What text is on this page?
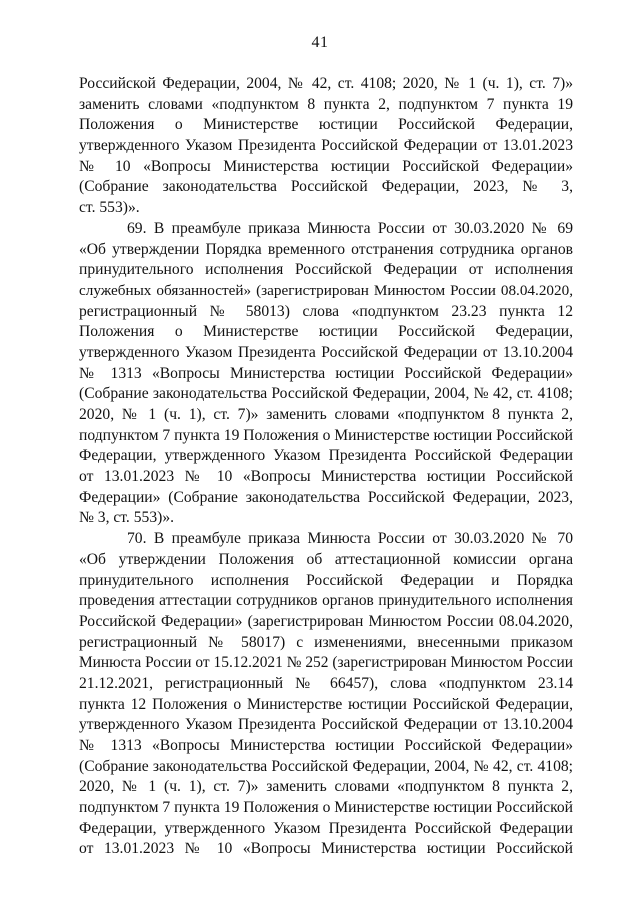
41
Российской Федерации, 2004, № 42, ст. 4108; 2020, № 1 (ч. 1), ст. 7)»
заменить словами «подпунктом 8 пункта 2, подпунктом 7 пункта 19
Положения о Министерстве юстиции Российской Федерации,
утвержденного Указом Президента Российской Федерации от 13.01.2023
№ 10 «Вопросы Министерства юстиции Российской Федерации»
(Собрание законодательства Российской Федерации, 2023, № 3,
ст. 553)».
69. В преамбуле приказа Минюста России от 30.03.2020 № 69
«Об утверждении Порядка временного отстранения сотрудника органов
принудительного исполнения Российской Федерации от исполнения
служебных обязанностей» (зарегистрирован Минюстом России 08.04.2020,
регистрационный № 58013) слова «подпунктом 23.23 пункта 12
Положения о Министерстве юстиции Российской Федерации,
утвержденного Указом Президента Российской Федерации от 13.10.2004
№ 1313 «Вопросы Министерства юстиции Российской Федерации»
(Собрание законодательства Российской Федерации, 2004, № 42, ст. 4108;
2020, № 1 (ч. 1), ст. 7)» заменить словами «подпунктом 8 пункта 2,
подпунктом 7 пункта 19 Положения о Министерстве юстиции Российской
Федерации, утвержденного Указом Президента Российской Федерации
от 13.01.2023 № 10 «Вопросы Министерства юстиции Российской
Федерации» (Собрание законодательства Российской Федерации, 2023,
№ 3, ст. 553)».
70. В преамбуле приказа Минюста России от 30.03.2020 № 70
«Об утверждении Положения об аттестационной комиссии органа
принудительного исполнения Российской Федерации и Порядка
проведения аттестации сотрудников органов принудительного исполнения
Российской Федерации» (зарегистрирован Минюстом России 08.04.2020,
регистрационный № 58017) с изменениями, внесенными приказом
Минюста России от 15.12.2021 № 252 (зарегистрирован Минюстом России
21.12.2021, регистрационный № 66457), слова «подпунктом 23.14
пункта 12 Положения о Министерстве юстиции Российской Федерации,
утвержденного Указом Президента Российской Федерации от 13.10.2004
№ 1313 «Вопросы Министерства юстиции Российской Федерации»
(Собрание законодательства Российской Федерации, 2004, № 42, ст. 4108;
2020, № 1 (ч. 1), ст. 7)» заменить словами «подпунктом 8 пункта 2,
подпунктом 7 пункта 19 Положения о Министерстве юстиции Российской
Федерации, утвержденного Указом Президента Российской Федерации
от 13.01.2023 № 10 «Вопросы Министерства юстиции Российской
